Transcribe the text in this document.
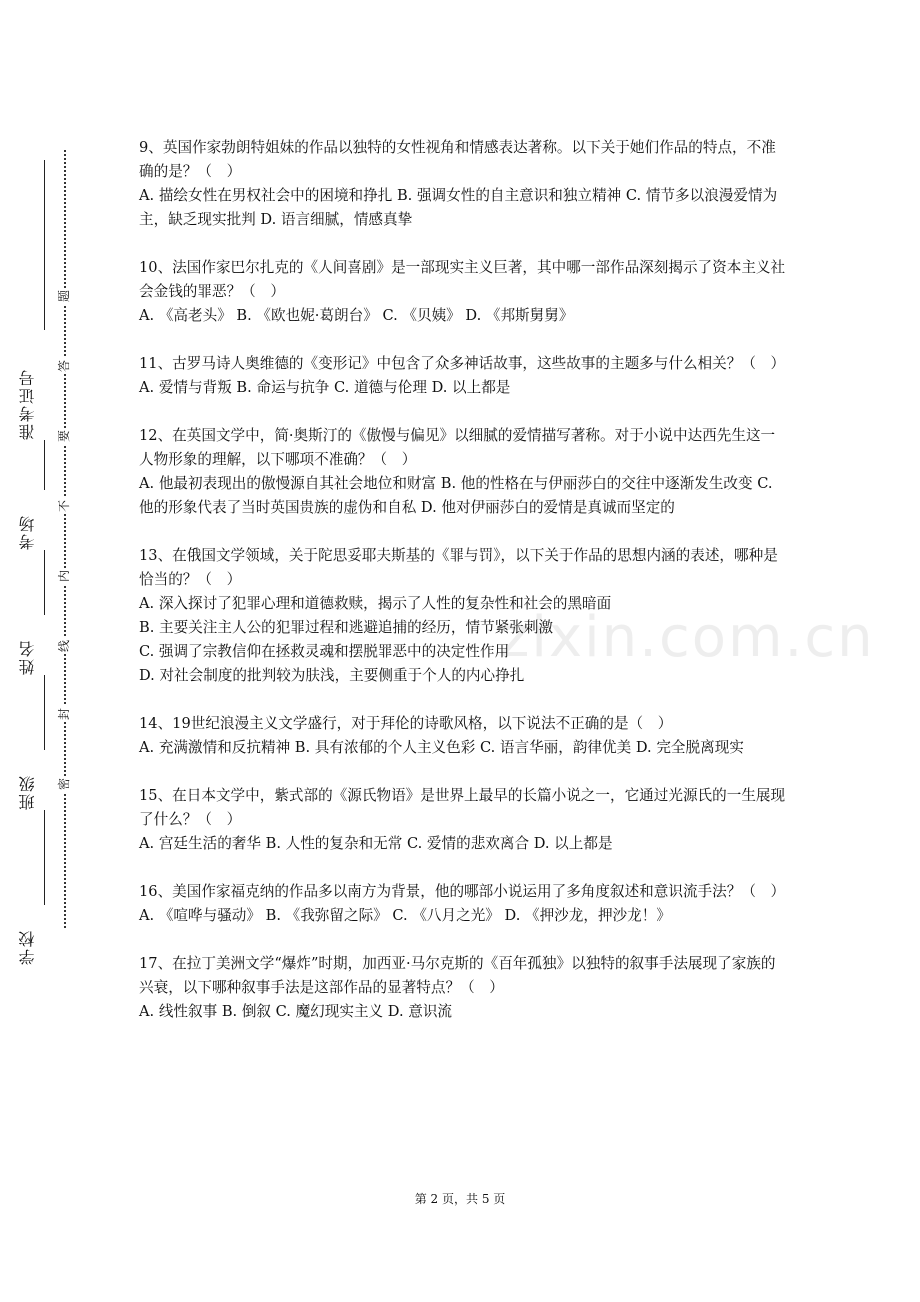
准考证号
考场
姓名
班级
学校
题
答
要
不
内
线
封
密
zixin.com.cn

9、英国作家勃朗特姐妹的作品以独特的女性视角和情感表达著称。以下关于她们作品的特点，不准确的是？（　）

A. 描绘女性在男权社会中的困境和挣扎 B. 强调女性的自主意识和独立精神 C. 情节多以浪漫爱情为主，缺乏现实批判 D. 语言细腻，情感真挚

10、法国作家巴尔扎克的《人间喜剧》是一部现实主义巨著，其中哪一部作品深刻揭示了资本主义社会金钱的罪恶？（　）

A. 《高老头》 B. 《欧也妮·葛朗台》 C. 《贝姨》 D. 《邦斯舅舅》

11、古罗马诗人奥维德的《变形记》中包含了众多神话故事，这些故事的主题多与什么相关？（　）

A. 爱情与背叛 B. 命运与抗争 C. 道德与伦理 D. 以上都是

12、在英国文学中，简·奥斯汀的《傲慢与偏见》以细腻的爱情描写著称。对于小说中达西先生这一人物形象的理解，以下哪项不准确？（　）

A. 他最初表现出的傲慢源自其社会地位和财富 B. 他的性格在与伊丽莎白的交往中逐渐发生改变 C. 他的形象代表了当时英国贵族的虚伪和自私 D. 他对伊丽莎白的爱情是真诚而坚定的

13、在俄国文学领域，关于陀思妥耶夫斯基的《罪与罚》，以下关于作品的思想内涵的表述，哪种是恰当的？（　）

A. 深入探讨了犯罪心理和道德救赎，揭示了人性的复杂性和社会的黑暗面

B. 主要关注主人公的犯罪过程和逃避追捕的经历，情节紧张刺激

C. 强调了宗教信仰在拯救灵魂和摆脱罪恶中的决定性作用

D. 对社会制度的批判较为肤浅，主要侧重于个人的内心挣扎

14、19世纪浪漫主义文学盛行，对于拜伦的诗歌风格，以下说法不正确的是（　）

A. 充满激情和反抗精神 B. 具有浓郁的个人主义色彩 C. 语言华丽，韵律优美 D. 完全脱离现实

15、在日本文学中，紫式部的《源氏物语》是世界上最早的长篇小说之一，它通过光源氏的一生展现了什么？（　）

A. 宫廷生活的奢华 B. 人性的复杂和无常 C. 爱情的悲欢离合 D. 以上都是

16、美国作家福克纳的作品多以南方为背景，他的哪部小说运用了多角度叙述和意识流手法？（　）

A. 《喧哗与骚动》 B. 《我弥留之际》 C. 《八月之光》 D. 《押沙龙，押沙龙！》

17、在拉丁美洲文学“爆炸”时期，加西亚·马尔克斯的《百年孤独》以独特的叙事手法展现了家族的兴衰，以下哪种叙事手法是这部作品的显著特点？（　）

A. 线性叙事 B. 倒叙 C. 魔幻现实主义 D. 意识流

第 2 页，共 5 页
